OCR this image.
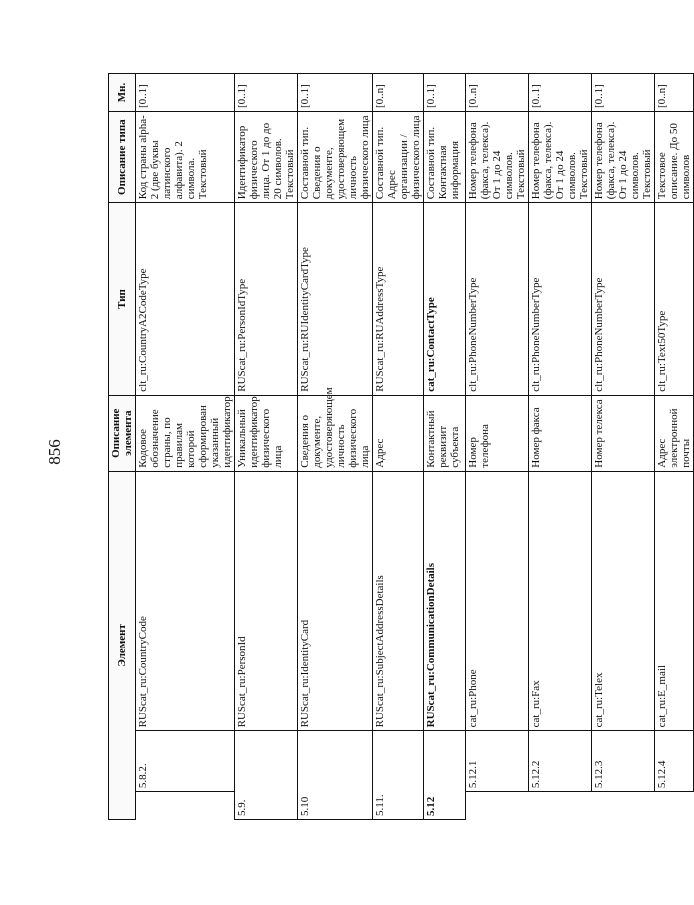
856
Элемент			Описание элемента	Тип	Описание типа	Мн.
	5.8.2.	RUScat_ru:CountryCode	Кодовое обозначение страны, по правилам которой сформирован указанный идентификатор	clt_ru:CountryA2CodeType	Код страны alpha-2 (две буквы латинского алфавита). 2 символа. Текстовый	[0..1]
5.9.		RUScat_ru:PersonId	Уникальный идентификатор физического лица	RUScat_ru:PersonIdType	Идентификатор физического лица. От 1 до до 20 символов. Текстовый	[0..1]
5.10		RUScat_ru:IdentityCard	Сведения о документе, удостоверяющем личность физического лица	RUScat_ru:RUIdentityCardType	Составной тип. Сведения о документе, удостоверяющем личность физического лица	[0..1]
5.11.		RUScat_ru:SubjectAddressDetails	Адрес	RUScat_ru:RUAddressType	Составной тип. Адрес организации / физического лица	[0..n]
5.12		RUScat_ru:CommunicationDetails	Контактный реквизит субъекта	cat_ru:ContactType	Составной тип. Контактная информация	[0..1]
	5.12.1	cat_ru:Phone	Номер телефона	clt_ru:PhoneNumberType	Номер телефона (факса, телекса). От 1 до 24 символов. Текстовый	[0..n]
	5.12.2	cat_ru:Fax	Номер факса	clt_ru:PhoneNumberType	Номер телефона (факса, телекса). От 1 до 24 символов. Текстовый	[0..1]
	5.12.3	cat_ru:Telex	Номер телекса	clt_ru:PhoneNumberType	Номер телефона (факса, телекса). От 1 до 24 символов. Текстовый	[0..1]
	5.12.4	cat_ru:E_mail	Адрес электронной почты	clt_ru:Text50Type	Текстовое описание. До 50 символов	[0..n]
